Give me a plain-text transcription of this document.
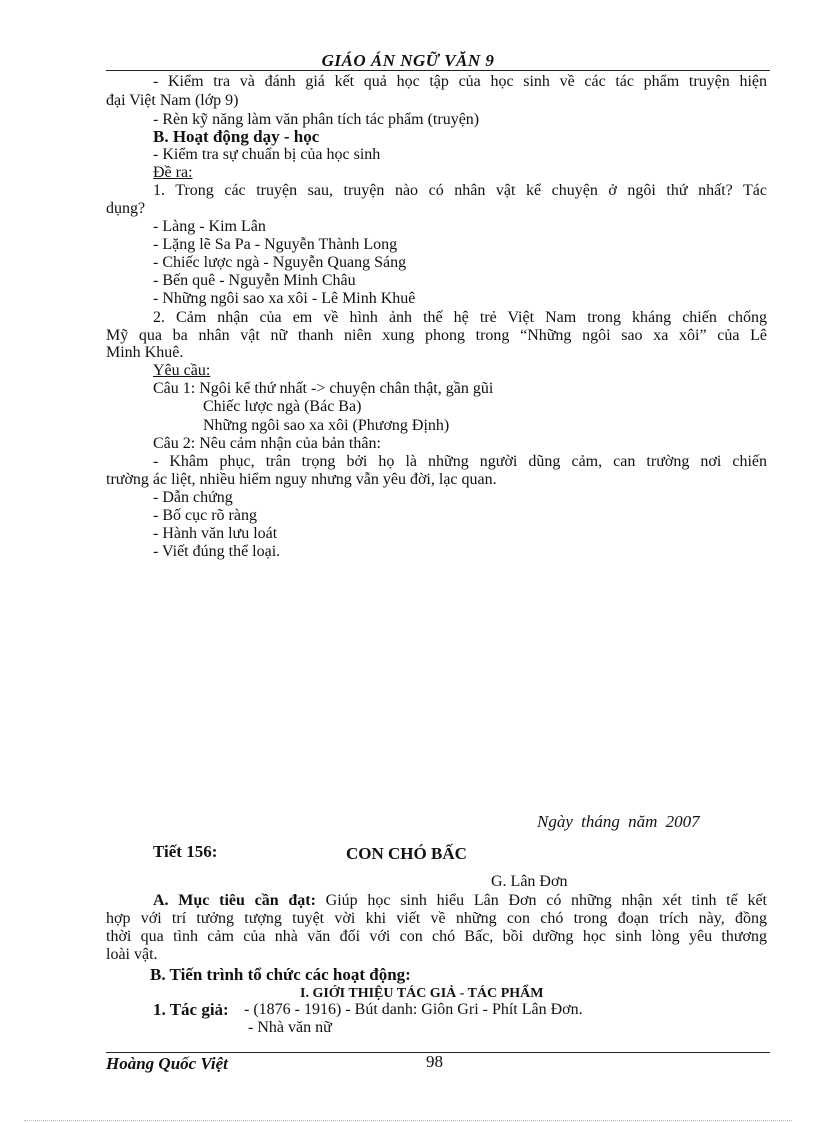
GIÁO ÁN NGỮ VĂN 9
- Kiểm tra và đánh giá kết quả học tập của học sinh về các tác phẩm truyện hiện
đại Việt Nam (lớp 9)
- Rèn kỹ năng làm văn phân tích tác phẩm (truyện)
B. Hoạt động dạy - học
- Kiểm tra sự chuẩn bị của học sinh
Đề ra:
1. Trong các truyện sau, truyện nào có nhân vật kể chuyện ở ngôi thứ nhất? Tác
dụng?
- Làng - Kim Lân
- Lặng lẽ Sa Pa - Nguyễn Thành Long
- Chiếc lược ngà - Nguyễn Quang Sáng
- Bến quê - Nguyễn Minh Châu
- Những ngôi sao xa xôi - Lê Minh Khuê
2. Cảm nhận của em về hình ảnh thế hệ trẻ Việt Nam trong kháng chiến chống
Mỹ qua ba nhân vật nữ thanh niên xung phong trong “Những ngôi sao xa xôi” của Lê
Minh Khuê.
Yêu cầu:
Câu 1: Ngôi kể thứ nhất -> chuyện chân thật, gần gũi
Chiếc lược ngà (Bác Ba)
Những ngôi sao xa xôi (Phương Định)
Câu 2: Nêu cảm nhận của bản thân:
- Khâm phục, trân trọng bởi họ là những người dũng cảm, can trường nơi chiến
trường ác liệt, nhiều hiểm nguy nhưng vẫn yêu đời, lạc quan.
- Dẫn chứng
- Bố cục rõ ràng
- Hành văn lưu loát
- Viết đúng thể loại.
Ngày tháng năm 2007
Tiết 156:	CON CHÓ BẤC
G. Lân Đơn
A. Mục tiêu cần đạt: Giúp học sinh hiểu Lân Đơn có những nhận xét tinh tế kết
hợp với trí tưởng tượng tuyệt vời khi viết về những con chó trong đoạn trích này, đồng
thời qua tình cảm của nhà văn đối với con chó Bấc, bồi dưỡng học sinh lòng yêu thương
loài vật.
B. Tiến trình tổ chức các hoạt động:
I. GIỚI THIỆU TÁC GIẢ - TÁC PHẨM
1. Tác giả: - (1876 - 1916) - Bút danh: Giôn Gri - Phít Lân Đơn.
- Nhà văn nữ
Hoàng Quốc Việt	98
